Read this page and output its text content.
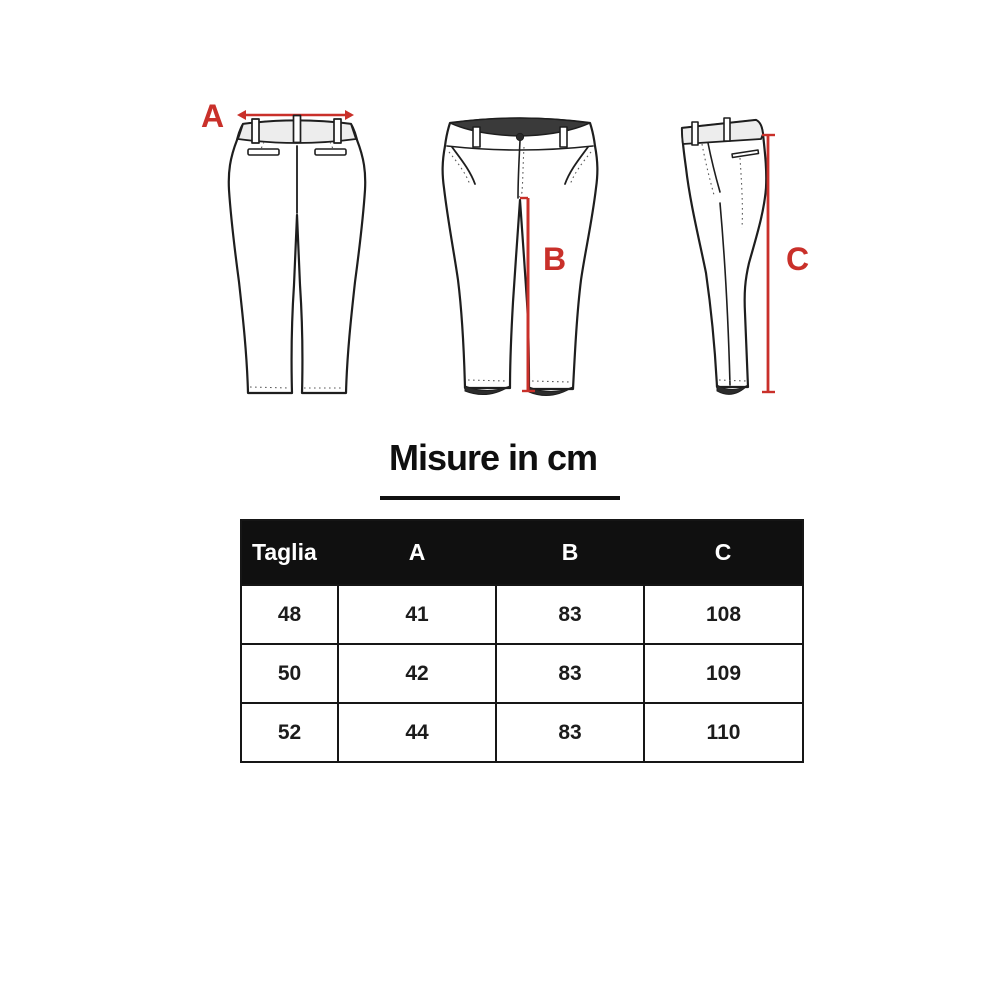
A
B	C
Misure in cm
Taglia	A	B	C
48	41	83	108
50	42	83	109
52	44	83	110
